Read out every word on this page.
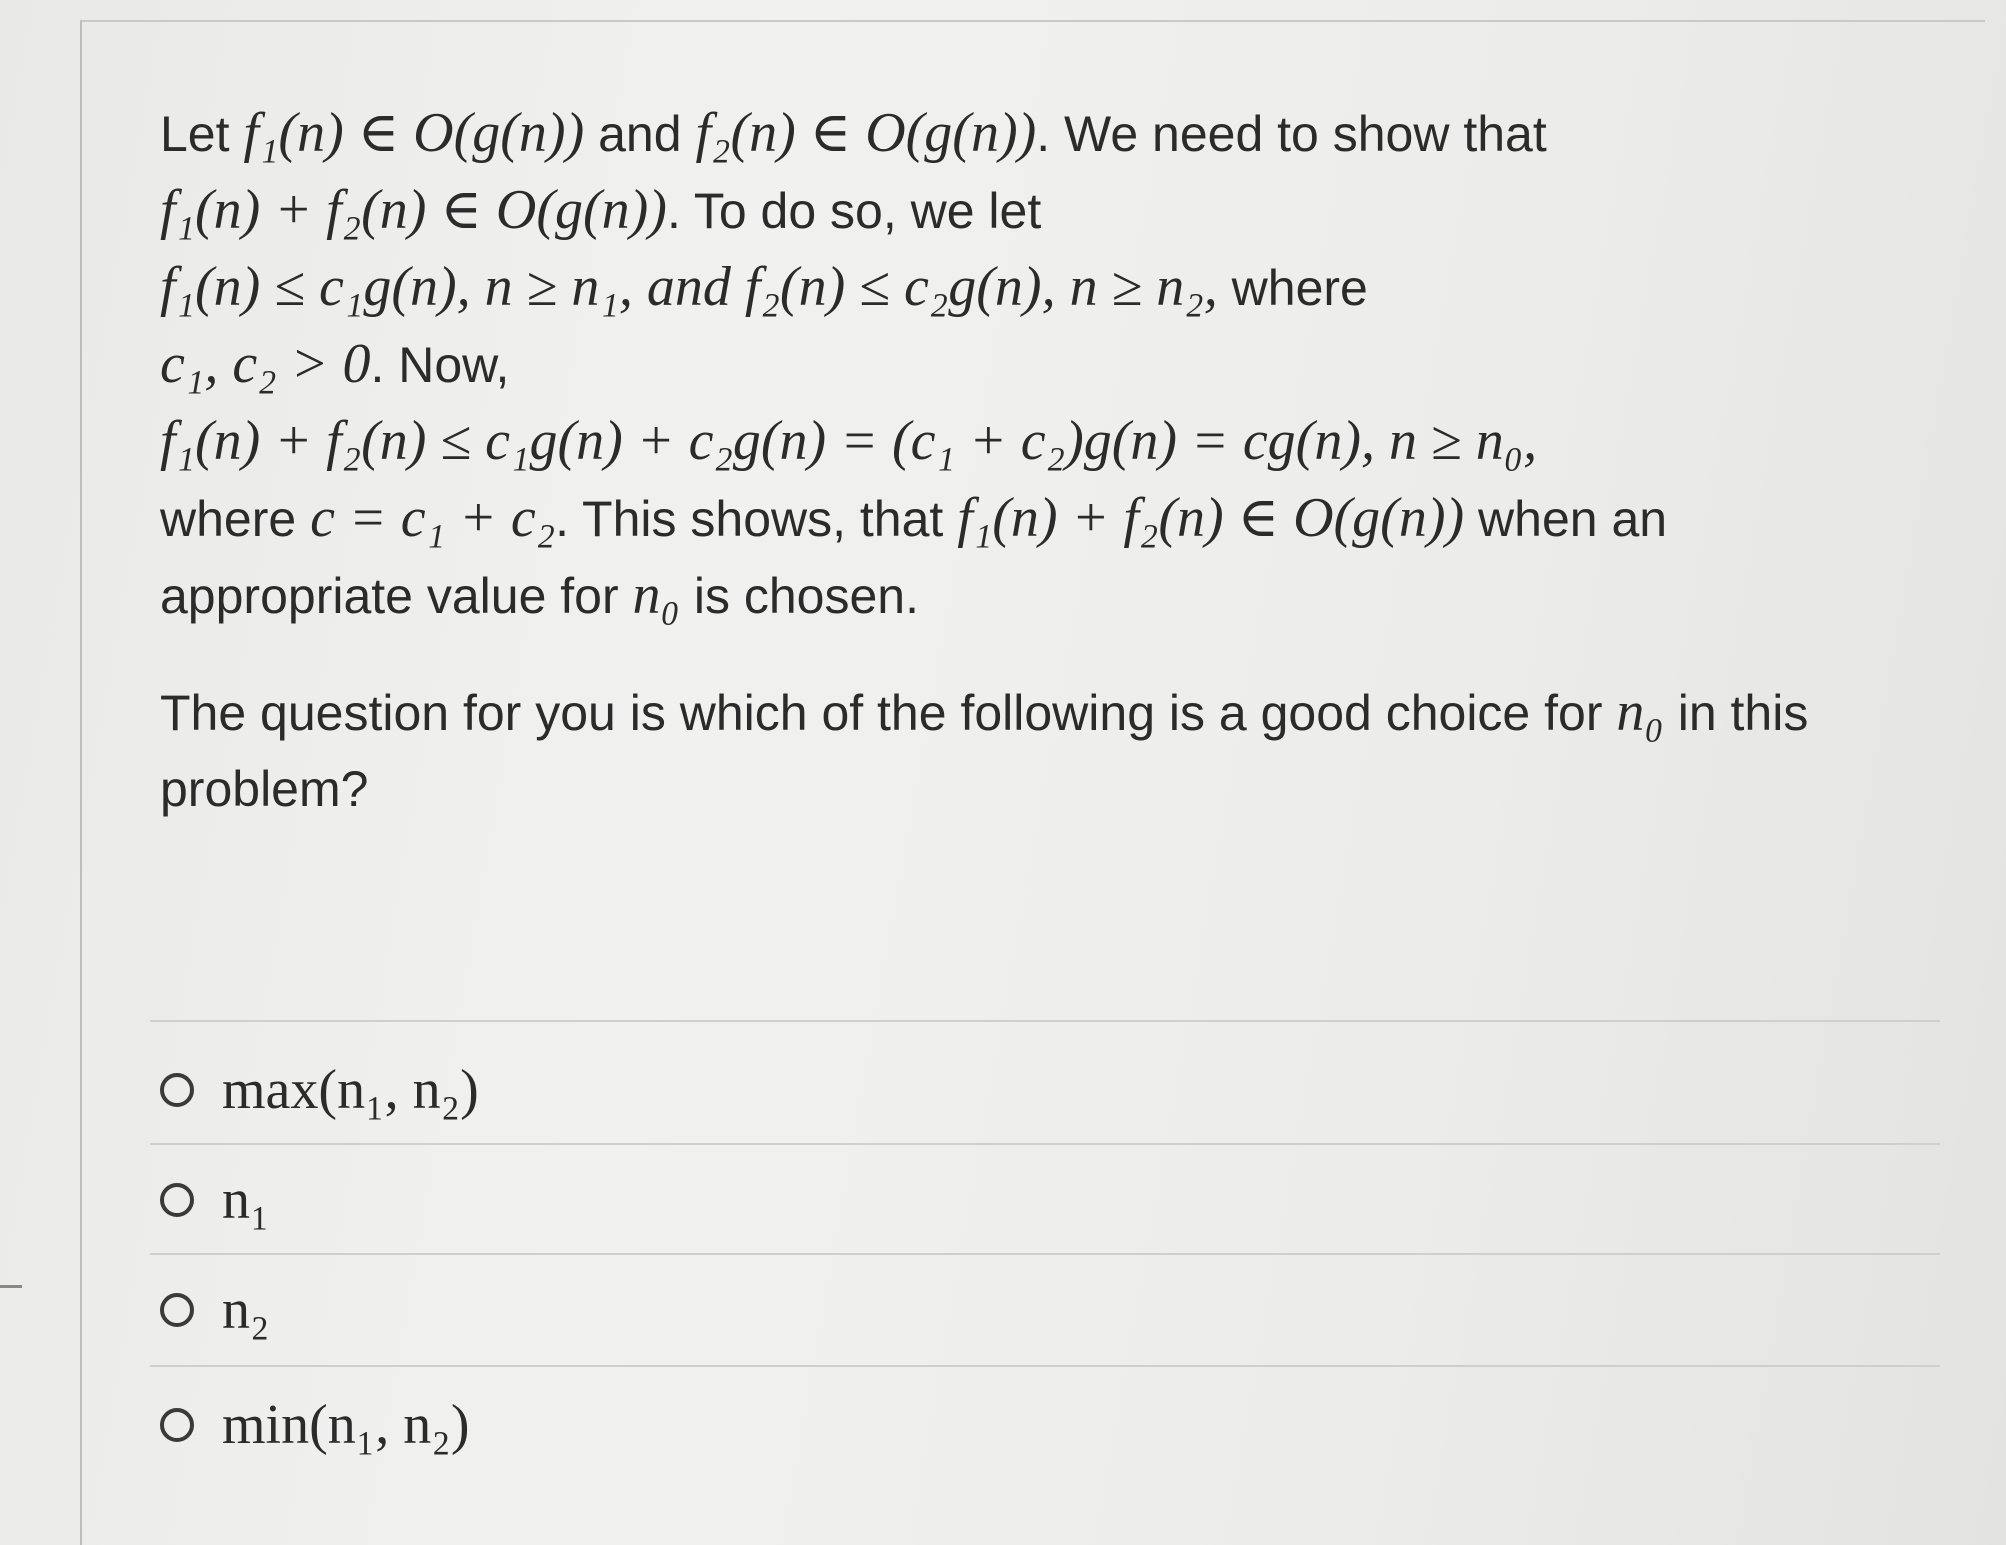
Let f₁(n) ∈ O(g(n)) and f₂(n) ∈ O(g(n)). We need to show that
f₁(n) + f₂(n) ∈ O(g(n)). To do so, we let
f₁(n) ≤ c₁g(n), n ≥ n₁, and f₂(n) ≤ c₂g(n), n ≥ n₂, where
c₁, c₂ > 0. Now,
f₁(n) + f₂(n) ≤ c₁g(n) + c₂g(n) = (c₁ + c₂)g(n) = cg(n), n ≥ n₀,
where c = c₁ + c₂. This shows, that f₁(n) + f₂(n) ∈ O(g(n)) when an appropriate value for n₀ is chosen.

The question for you is which of the following is a good choice for n₀ in this problem?

max(n₁, n₂)
n₁
n₂
min(n₁, n₂)
